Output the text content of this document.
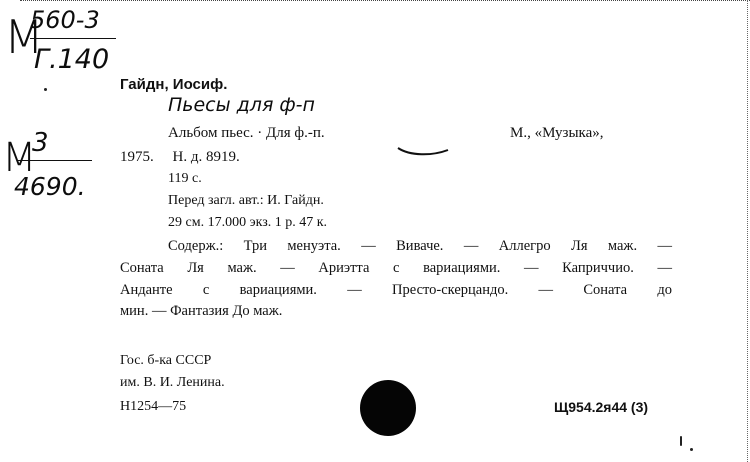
М
560-3
Г.140
3
М
4690.
Гайдн, Иосиф.
Пьесы для ф-п
Альбом пьес. · Для ф.-п.	М., «Музыка»,
1975.     Н. д. 8919.
119 с.
Перед загл. авт.: И. Гайдн.
29 см. 17.000 экз. 1 р. 47 к.
Содерж.: Три менуэта. — Виваче. — Аллегро Ля маж. —
Соната Ля маж. — Ариэтта с вариациями. — Каприччио. —
Анданте с вариациями. — Престо-скерцандо. — Соната до
мин. — Фантазия До маж.
Гос. б-ка СССР
им. В. И. Ленина.
Н1254—75	Щ954.2я44 (3)
